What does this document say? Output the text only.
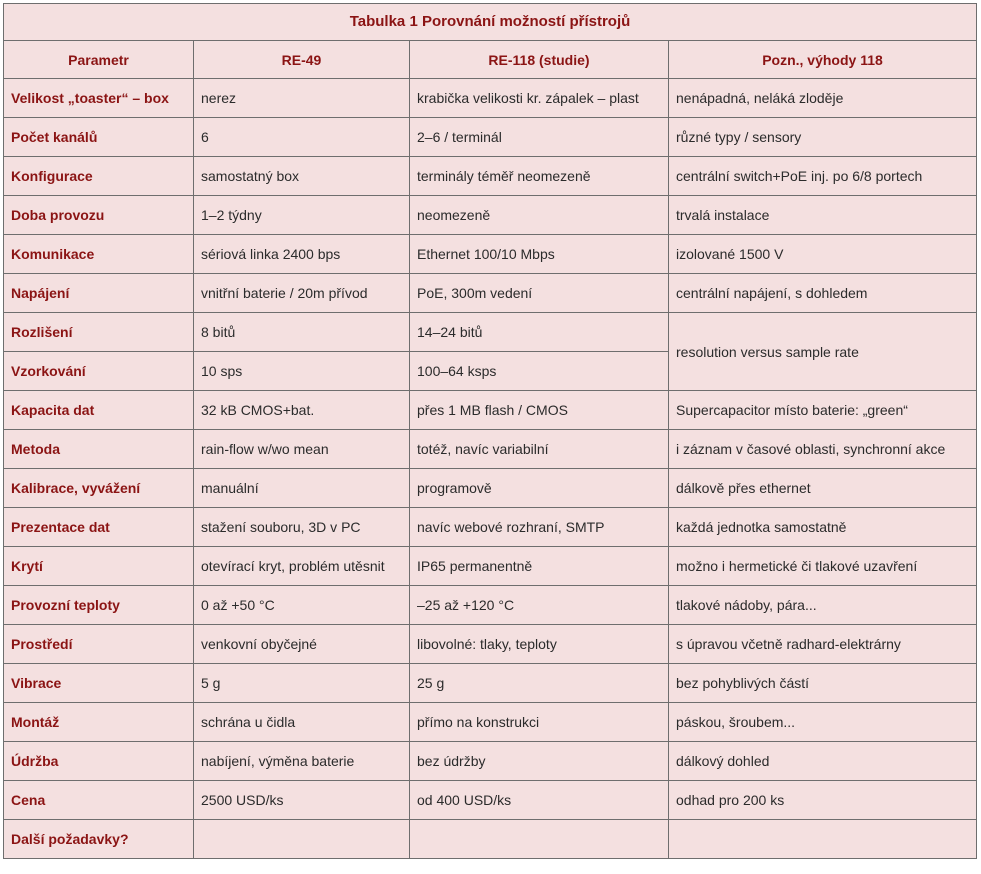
Tabulka 1 Porovnání možností přístrojů
Parametr	RE-49	RE-118 (studie)	Pozn., výhody 118
Velikost „toaster“ – box	nerez	krabička velikosti kr. zápalek – plast	nenápadná, neláká zloděje
Počet kanálů	6	2–6 / terminál	různé typy / sensory
Konfigurace	samostatný box	terminály téměř neomezeně	centrální switch+PoE inj. po 6/8 portech
Doba provozu	1–2 týdny	neomezeně	trvalá instalace
Komunikace	sériová linka 2400 bps	Ethernet 100/10 Mbps	izolované 1500 V
Napájení	vnitřní baterie / 20m přívod	PoE, 300m vedení	centrální napájení, s dohledem
Rozlišení	8 bitů	14–24 bitů	resolution versus sample rate
Vzorkování	10 sps	100–64 ksps	
Kapacita dat	32 kB CMOS+bat.	přes 1 MB flash / CMOS	Supercapacitor místo baterie: „green“
Metoda	rain-flow w/wo mean	totéž, navíc variabilní	i záznam v časové oblasti, synchronní akce
Kalibrace, vyvážení	manuální	programově	dálkově přes ethernet
Prezentace dat	stažení souboru, 3D v PC	navíc webové rozhraní, SMTP	každá jednotka samostatně
Krytí	otevírací kryt, problém utěsnit	IP65 permanentně	možno i hermetické či tlakové uzavření
Provozní teploty	0 až +50 °C	–25 až +120 °C	tlakové nádoby, pára...
Prostředí	venkovní obyčejné	libovolné: tlaky, teploty	s úpravou včetně radhard-elektrárny
Vibrace	5 g	25 g	bez pohyblivých částí
Montáž	schrána u čidla	přímo na konstrukci	páskou, šroubem...
Údržba	nabíjení, výměna baterie	bez údržby	dálkový dohled
Cena	2500 USD/ks	od 400 USD/ks	odhad pro 200 ks
Další požadavky?			
